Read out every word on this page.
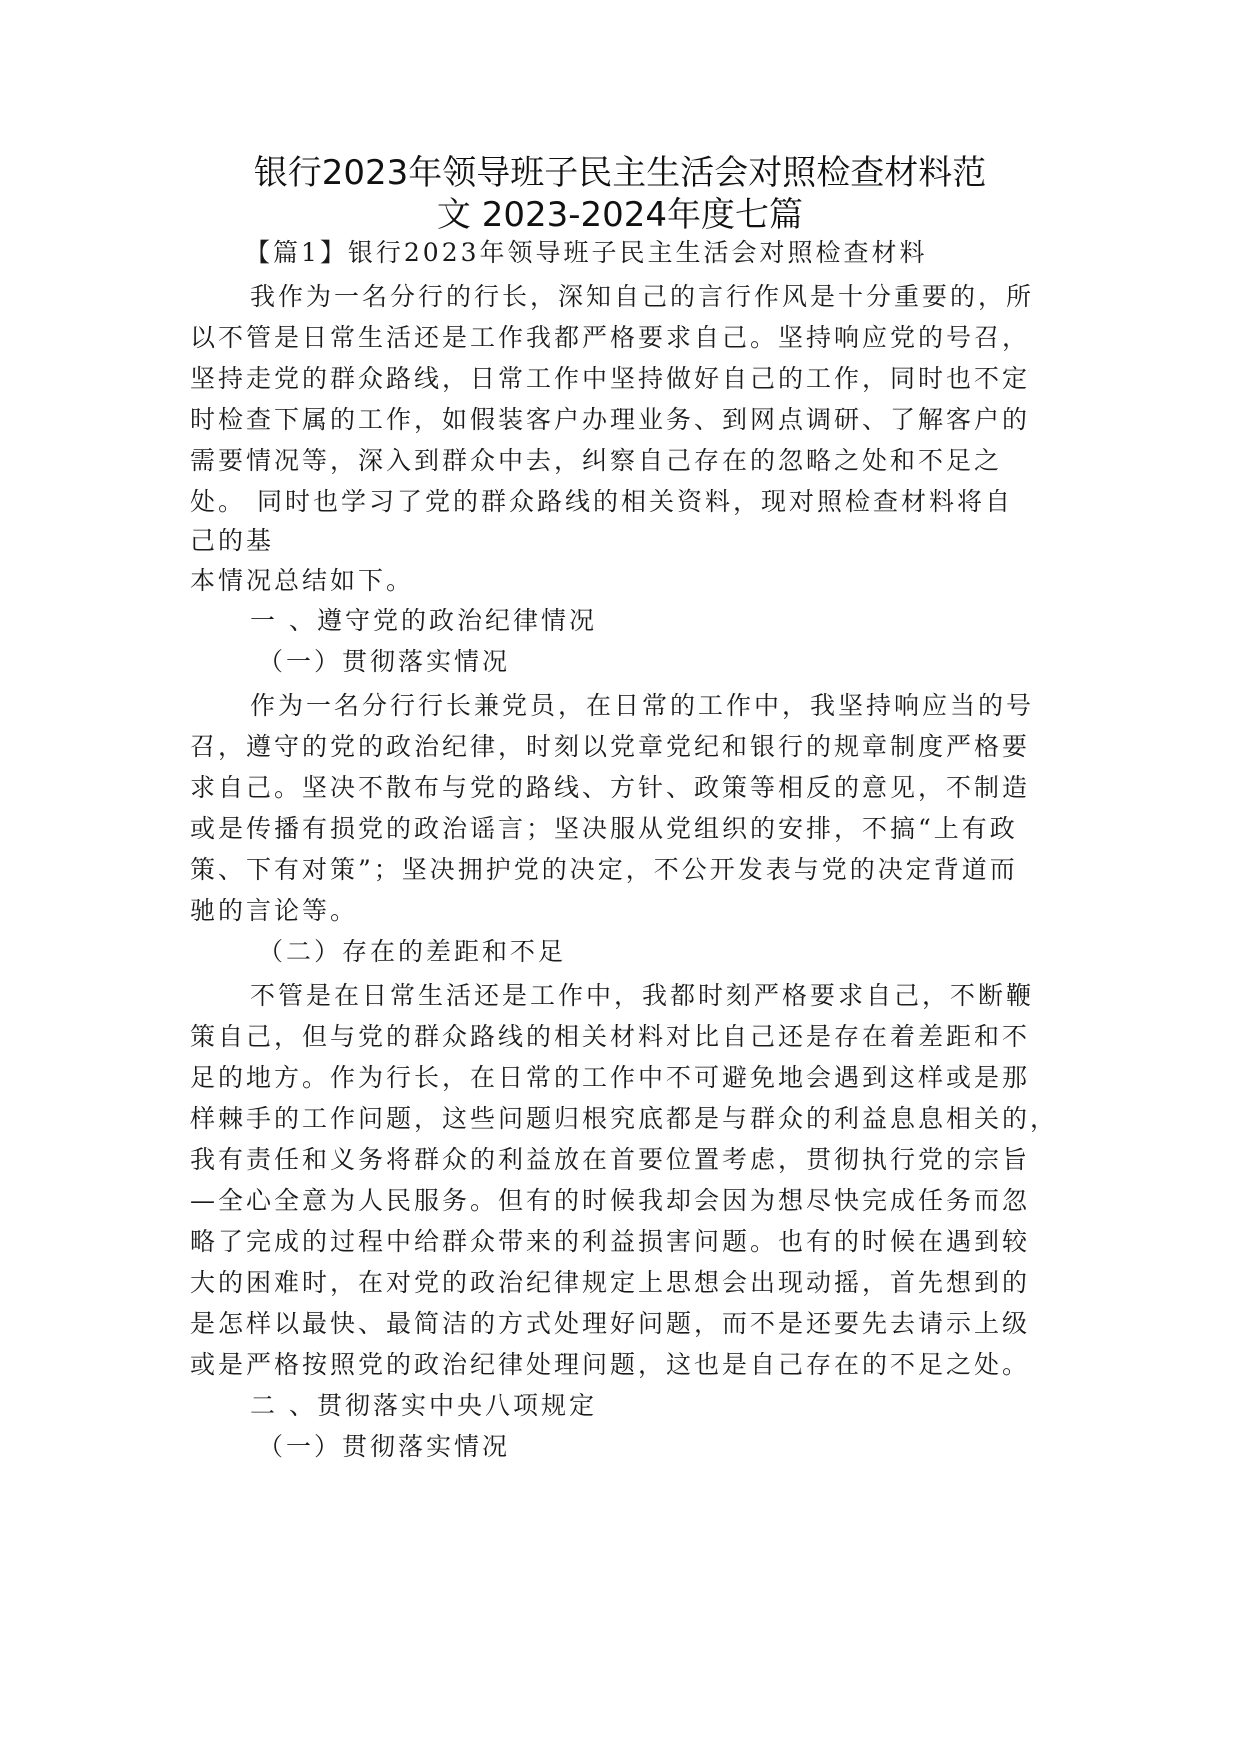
银行2023年领导班子民主生活会对照检查材料范
文 2023-2024年度七篇
【篇1】银行2023年领导班子民主生活会对照检查材料
我作为一名分行的行长，深知自己的言行作风是十分重要的，所
以不管是日常生活还是工作我都严格要求自己。坚持响应党的号召，
坚持走党的群众路线，日常工作中坚持做好自己的工作，同时也不定
时检查下属的工作，如假装客户办理业务、到网点调研、了解客户的
需要情况等，深入到群众中去，纠察自己存在的忽略之处和不足之
处。 同时也学习了党的群众路线的相关资料，现对照检查材料将自
己的基
本情况总结如下。
一 、遵守党的政治纪律情况
（一）贯彻落实情况
作为一名分行行长兼党员，在日常的工作中，我坚持响应当的号
召，遵守的党的政治纪律，时刻以党章党纪和银行的规章制度严格要
求自己。坚决不散布与党的路线、方针、政策等相反的意见，不制造
或是传播有损党的政治谣言；坚决服从党组织的安排，不搞“上有政
策、下有对策”；坚决拥护党的决定，不公开发表与党的决定背道而
驰的言论等。
（二）存在的差距和不足
不管是在日常生活还是工作中，我都时刻严格要求自己，不断鞭
策自己，但与党的群众路线的相关材料对比自己还是存在着差距和不
足的地方。作为行长，在日常的工作中不可避免地会遇到这样或是那
样棘手的工作问题，这些问题归根究底都是与群众的利益息息相关的，
我有责任和义务将群众的利益放在首要位置考虑，贯彻执行党的宗旨
—全心全意为人民服务。但有的时候我却会因为想尽快完成任务而忽
略了完成的过程中给群众带来的利益损害问题。也有的时候在遇到较
大的困难时，在对党的政治纪律规定上思想会出现动摇，首先想到的
是怎样以最快、最简洁的方式处理好问题，而不是还要先去请示上级
或是严格按照党的政治纪律处理问题，这也是自己存在的不足之处。
二 、贯彻落实中央八项规定
（一）贯彻落实情况
